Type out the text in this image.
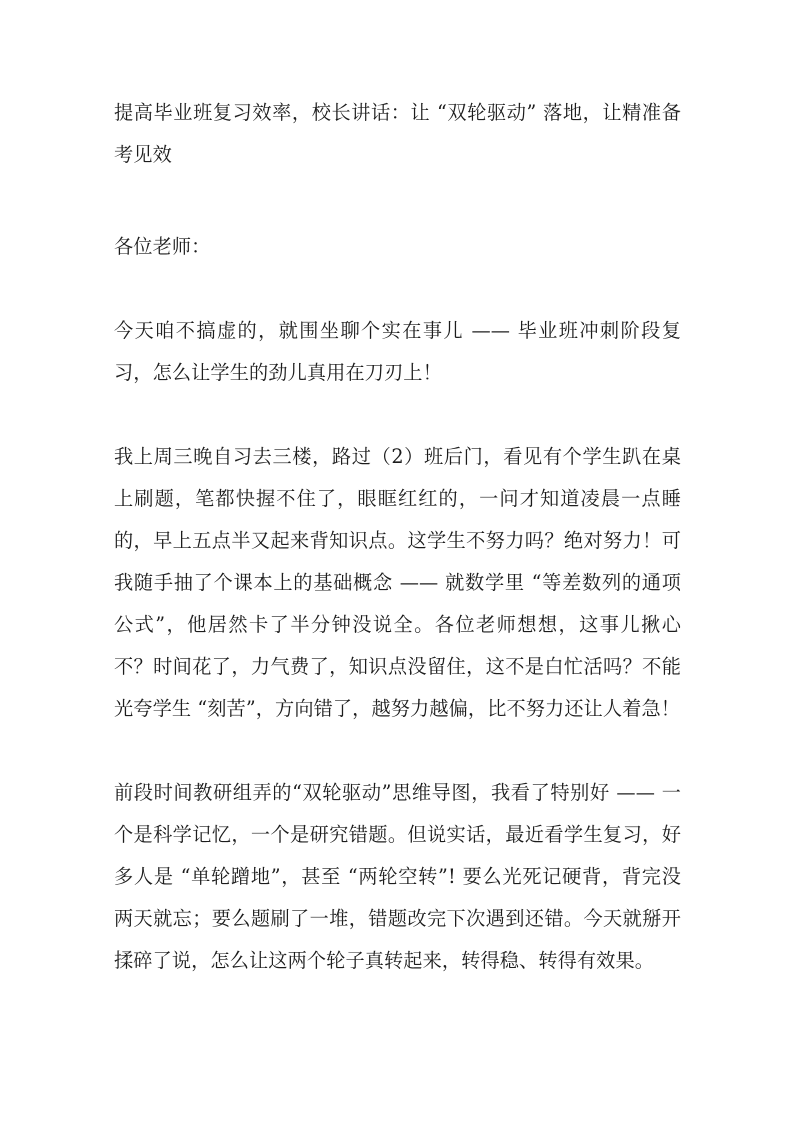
提高毕业班复习效率，校长讲话：让 “双轮驱动” 落地，让精准备考见效

各位老师：

今天咱不搞虚的，就围坐聊个实在事儿 —— 毕业班冲刺阶段复习，怎么让学生的劲儿真用在刀刃上！

我上周三晚自习去三楼，路过（2）班后门，看见有个学生趴在桌上刷题，笔都快握不住了，眼眶红红的，一问才知道凌晨一点睡的，早上五点半又起来背知识点。这学生不努力吗？绝对努力！可我随手抽了个课本上的基础概念 —— 就数学里 “等差数列的通项公式”，他居然卡了半分钟没说全。各位老师想想，这事儿揪心不？时间花了，力气费了，知识点没留住，这不是白忙活吗？不能光夸学生 “刻苦”，方向错了，越努力越偏，比不努力还让人着急！

前段时间教研组弄的“双轮驱动”思维导图，我看了特别好 —— 一个是科学记忆，一个是研究错题。但说实话，最近看学生复习，好多人是 “单轮蹭地”，甚至 “两轮空转”! 要么光死记硬背，背完没两天就忘；要么题刷了一堆，错题改完下次遇到还错。今天就掰开揉碎了说，怎么让这两个轮子真转起来，转得稳、转得有效果。
